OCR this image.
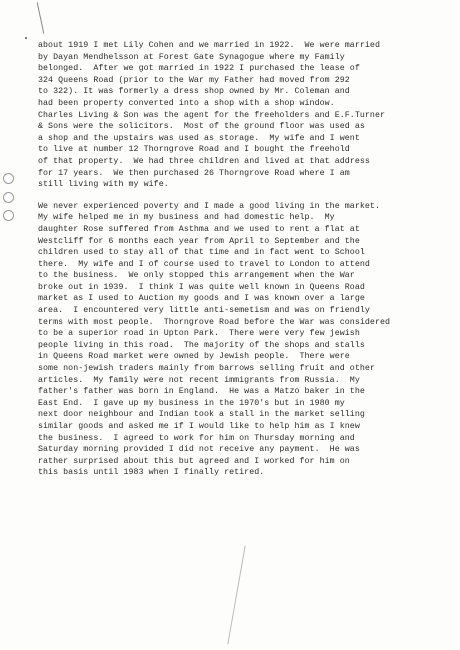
about 1919 I met Lily Cohen and we married in 1922.  We were married
by Dayan Mendhelsson at Forest Gate Synagogue where my Family
belonged.  After we got married in 1922 I purchased the lease of
324 Queens Road (prior to the War my Father had moved from 292
to 322). It was formerly a dress shop owned by Mr. Coleman and
had been property converted into a shop with a shop window.
Charles Living & Son was the agent for the freeholders and E.F.Turner
& Sons were the solicitors.  Most of the ground floor was used as
a shop and the upstairs was used as storage.  My wife and I went
to live at number 12 Thorngrove Road and I bought the freehold
of that property.  We had three children and lived at that address
for 17 years.  We then purchased 26 Thorngrove Road where I am
still living with my wife.
We never experienced poverty and I made a good living in the market.
My wife helped me in my business and had domestic help.  My
daughter Rose suffered from Asthma and we used to rent a flat at
Westcliff for 6 months each year from April to September and the
children used to stay all of that time and in fact went to School
there.  My wife and I of course used to travel to London to attend
to the business.  We only stopped this arrangement when the War
broke out in 1939.  I think I was quite well known in Queens Road
market as I used to Auction my goods and I was known over a large
area.  I encountered very little anti-semetism and was on friendly
terms with most people.  Thorngrove Road before the War was considered
to be a superior road in Upton Park.  There were very few jewish
people living in this road.  The majority of the shops and stalls
in Queens Road market were owned by Jewish people.  There were
some non-jewish traders mainly from barrows selling fruit and other
articles.  My family were not recent immigrants from Russia.  My
father's father was born in England.  He was a Matzo baker in the
East End.  I gave up my business in the 1970's but in 1980 my
next door neighbour and Indian took a stall in the market selling
similar goods and asked me if I would like to help him as I knew
the business.  I agreed to work for him on Thursday morning and
Saturday morning provided I did not receive any payment.  He was
rather surprised about this but agreed and I worked for him on
this basis until 1983 when I finally retired.
